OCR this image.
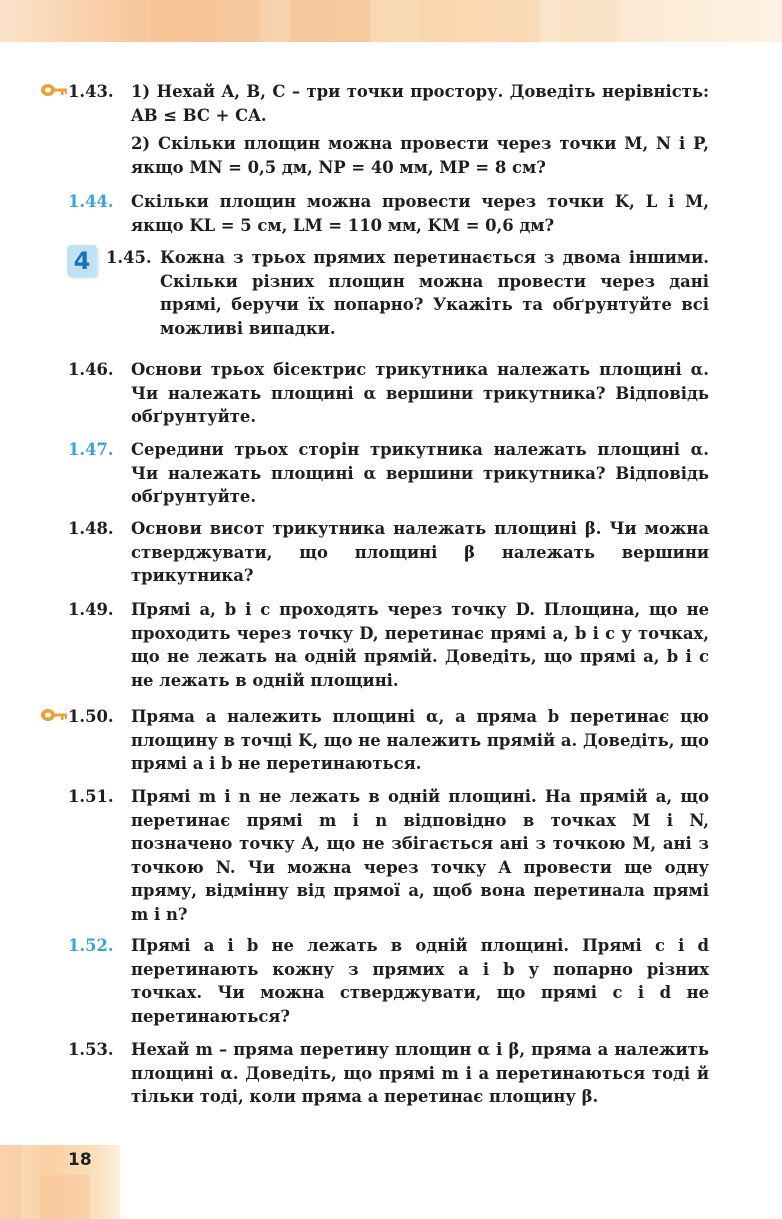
18
1.43. 1) Нехай A, B, C – три точки простору. Доведіть нерівність: AB ≤ BC + CA.

2) Скільки площин можна провести через точки M, N і P, якщо MN = 0,5 дм, NP = 40 мм, MP = 8 см?

1.44. Скільки площин можна провести через точки K, L і M, якщо KL = 5 см, LM = 110 мм, KM = 0,6 дм?

4 1.45. Кожна з трьох прямих перетинається з двома іншими. Скільки різних площин можна провести через дані прямі, беручи їх попарно? Укажіть та обґрунтуйте всі можливі випадки.

1.46. Основи трьох бісектрис трикутника належать площині α. Чи належать площині α вершини трикутника? Відповідь обґрунтуйте.

1.47. Середини трьох сторін трикутника належать площині α. Чи належать площині α вершини трикутника? Відповідь обґрунтуйте.

1.48. Основи висот трикутника належать площині β. Чи можна стверджувати, що площині β належать вершини трикутника?

1.49. Прямі a, b і c проходять через точку D. Площина, що не проходить через точку D, перетинає прямі a, b і c у точках, що не лежать на одній прямій. Доведіть, що прямі a, b і c не лежать в одній площині.

1.50. Пряма a належить площині α, а пряма b перетинає цю площину в точці K, що не належить прямій a. Доведіть, що прямі a і b не перетинаються.

1.51. Прямі m і n не лежать в одній площині. На прямій a, що перетинає прямі m і n відповідно в точках M і N, позначено точку A, що не збігається ані з точкою M, ані з точкою N. Чи можна через точку A провести ще одну пряму, відмінну від прямої a, щоб вона перетинала прямі m і n?

1.52. Прямі a і b не лежать в одній площині. Прямі c і d перетинають кожну з прямих a і b у попарно різних точках. Чи можна стверджувати, що прямі c і d не перетинаються?

1.53. Нехай m – пряма перетину площин α і β, пряма a належить площині α. Доведіть, що прямі m і a перетинаються тоді й тільки тоді, коли пряма a перетинає площину β.
